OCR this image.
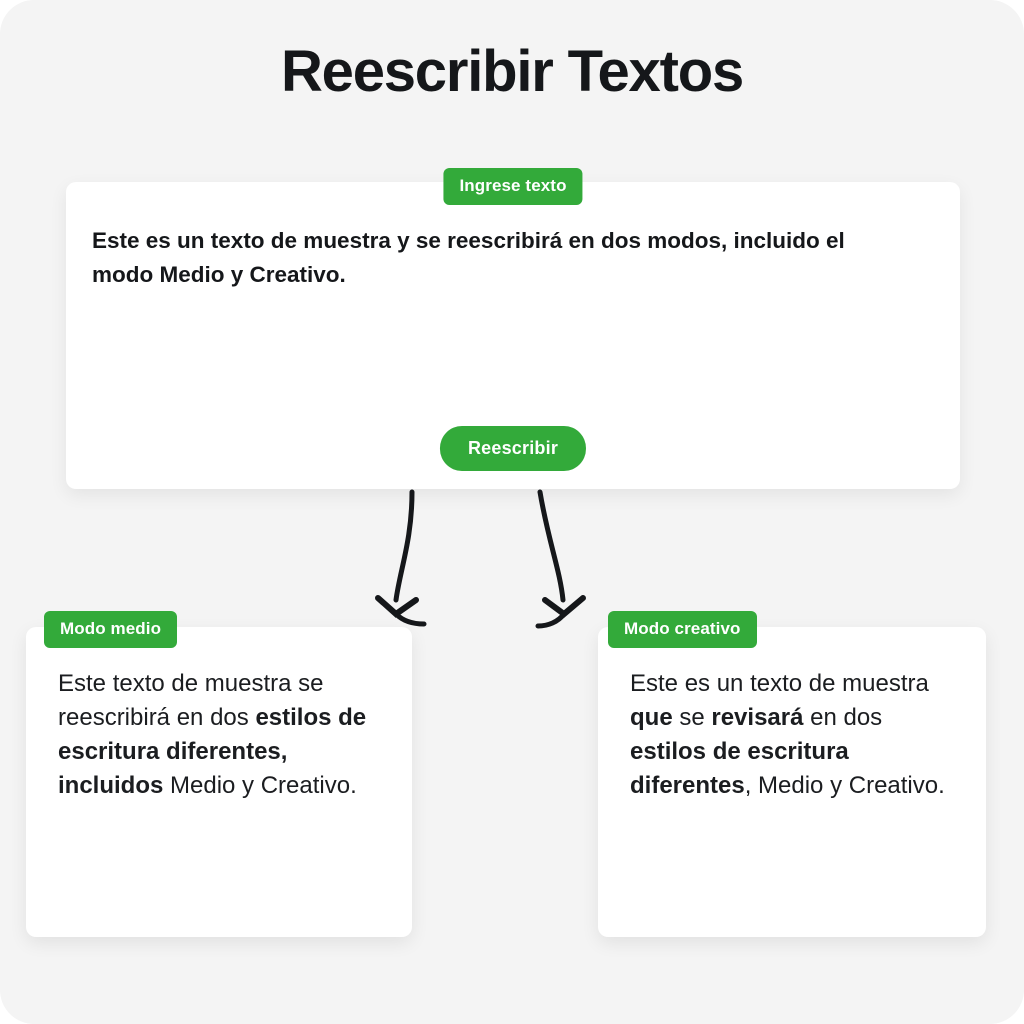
Reescribir Textos
Ingrese texto
Este es un texto de muestra y se reescribirá en dos modos, incluido el modo Medio y Creativo.
Reescribir
Modo medio
Este texto de muestra se reescribirá en dos estilos de escritura diferentes, incluidos Medio y Creativo.
Modo creativo
Este es un texto de muestra que se revisará en dos estilos de escritura diferentes, Medio y Creativo.
